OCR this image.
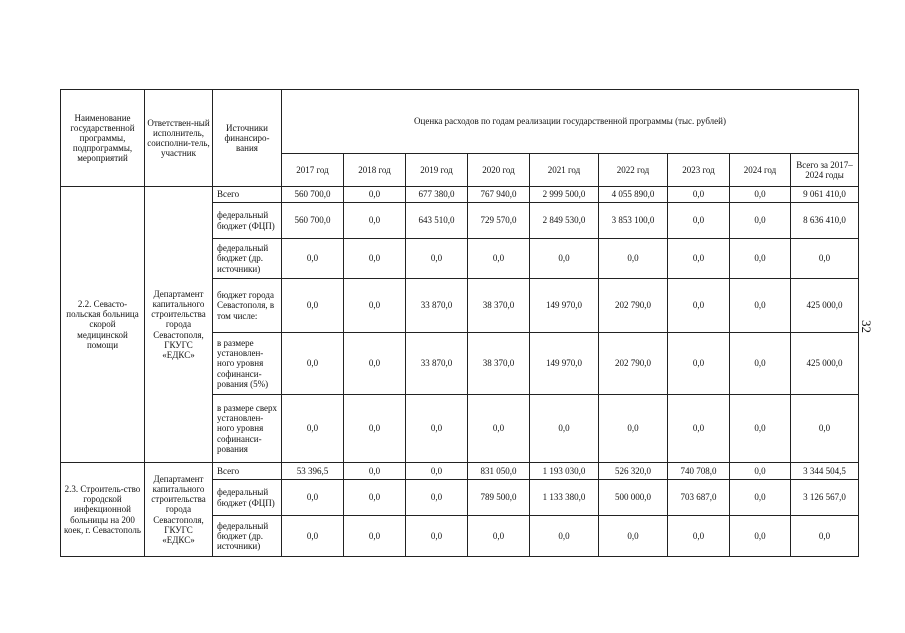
Наименование государственной программы, подпрограммы, мероприятий	Ответствен-ный исполнитель, соисполни-тель, участник	Источники финансиро-вания	Оценка расходов по годам реализации государственной программы (тыс. рублей)								
			2017 год	2018 год	2019 год	2020 год	2021 год	2022 год	2023 год	2024 год	Всего за 2017–2024 годы
2.2. Севасто-польская больница скорой медицинской помощи	Департамент капитального строительства города Севастополя, ГКУГС «ЕДКС»	Всего	560 700,0	0,0	677 380,0	767 940,0	2 999 500,0	4 055 890,0	0,0	0,0	9 061 410,0
		федеральный бюджет (ФЦП)	560 700,0	0,0	643 510,0	729 570,0	2 849 530,0	3 853 100,0	0,0	0,0	8 636 410,0
		федеральный бюджет (др. источники)	0,0	0,0	0,0	0,0	0,0	0,0	0,0	0,0	0,0
		бюджет города Севастополя, в том числе:	0,0	0,0	33 870,0	38 370,0	149 970,0	202 790,0	0,0	0,0	425 000,0
		в размере установлен-ного уровня софинанси-рования (5%)	0,0	0,0	33 870,0	38 370,0	149 970,0	202 790,0	0,0	0,0	425 000,0
		в размере сверх установлен-ного уровня софинанси-рования	0,0	0,0	0,0	0,0	0,0	0,0	0,0	0,0	0,0
2.3. Строитель-ство городской инфекционной больницы на 200 коек, г. Севастополь	Департамент капитального строительства города Севастополя, ГКУГС «ЕДКС»	Всего	53 396,5	0,0	0,0	831 050,0	1 193 030,0	526 320,0	740 708,0	0,0	3 344 504,5
		федеральный бюджет (ФЦП)	0,0	0,0	0,0	789 500,0	1 133 380,0	500 000,0	703 687,0	0,0	3 126 567,0
		федеральный бюджет (др. источники)	0,0	0,0	0,0	0,0	0,0	0,0	0,0	0,0	0,0
32
